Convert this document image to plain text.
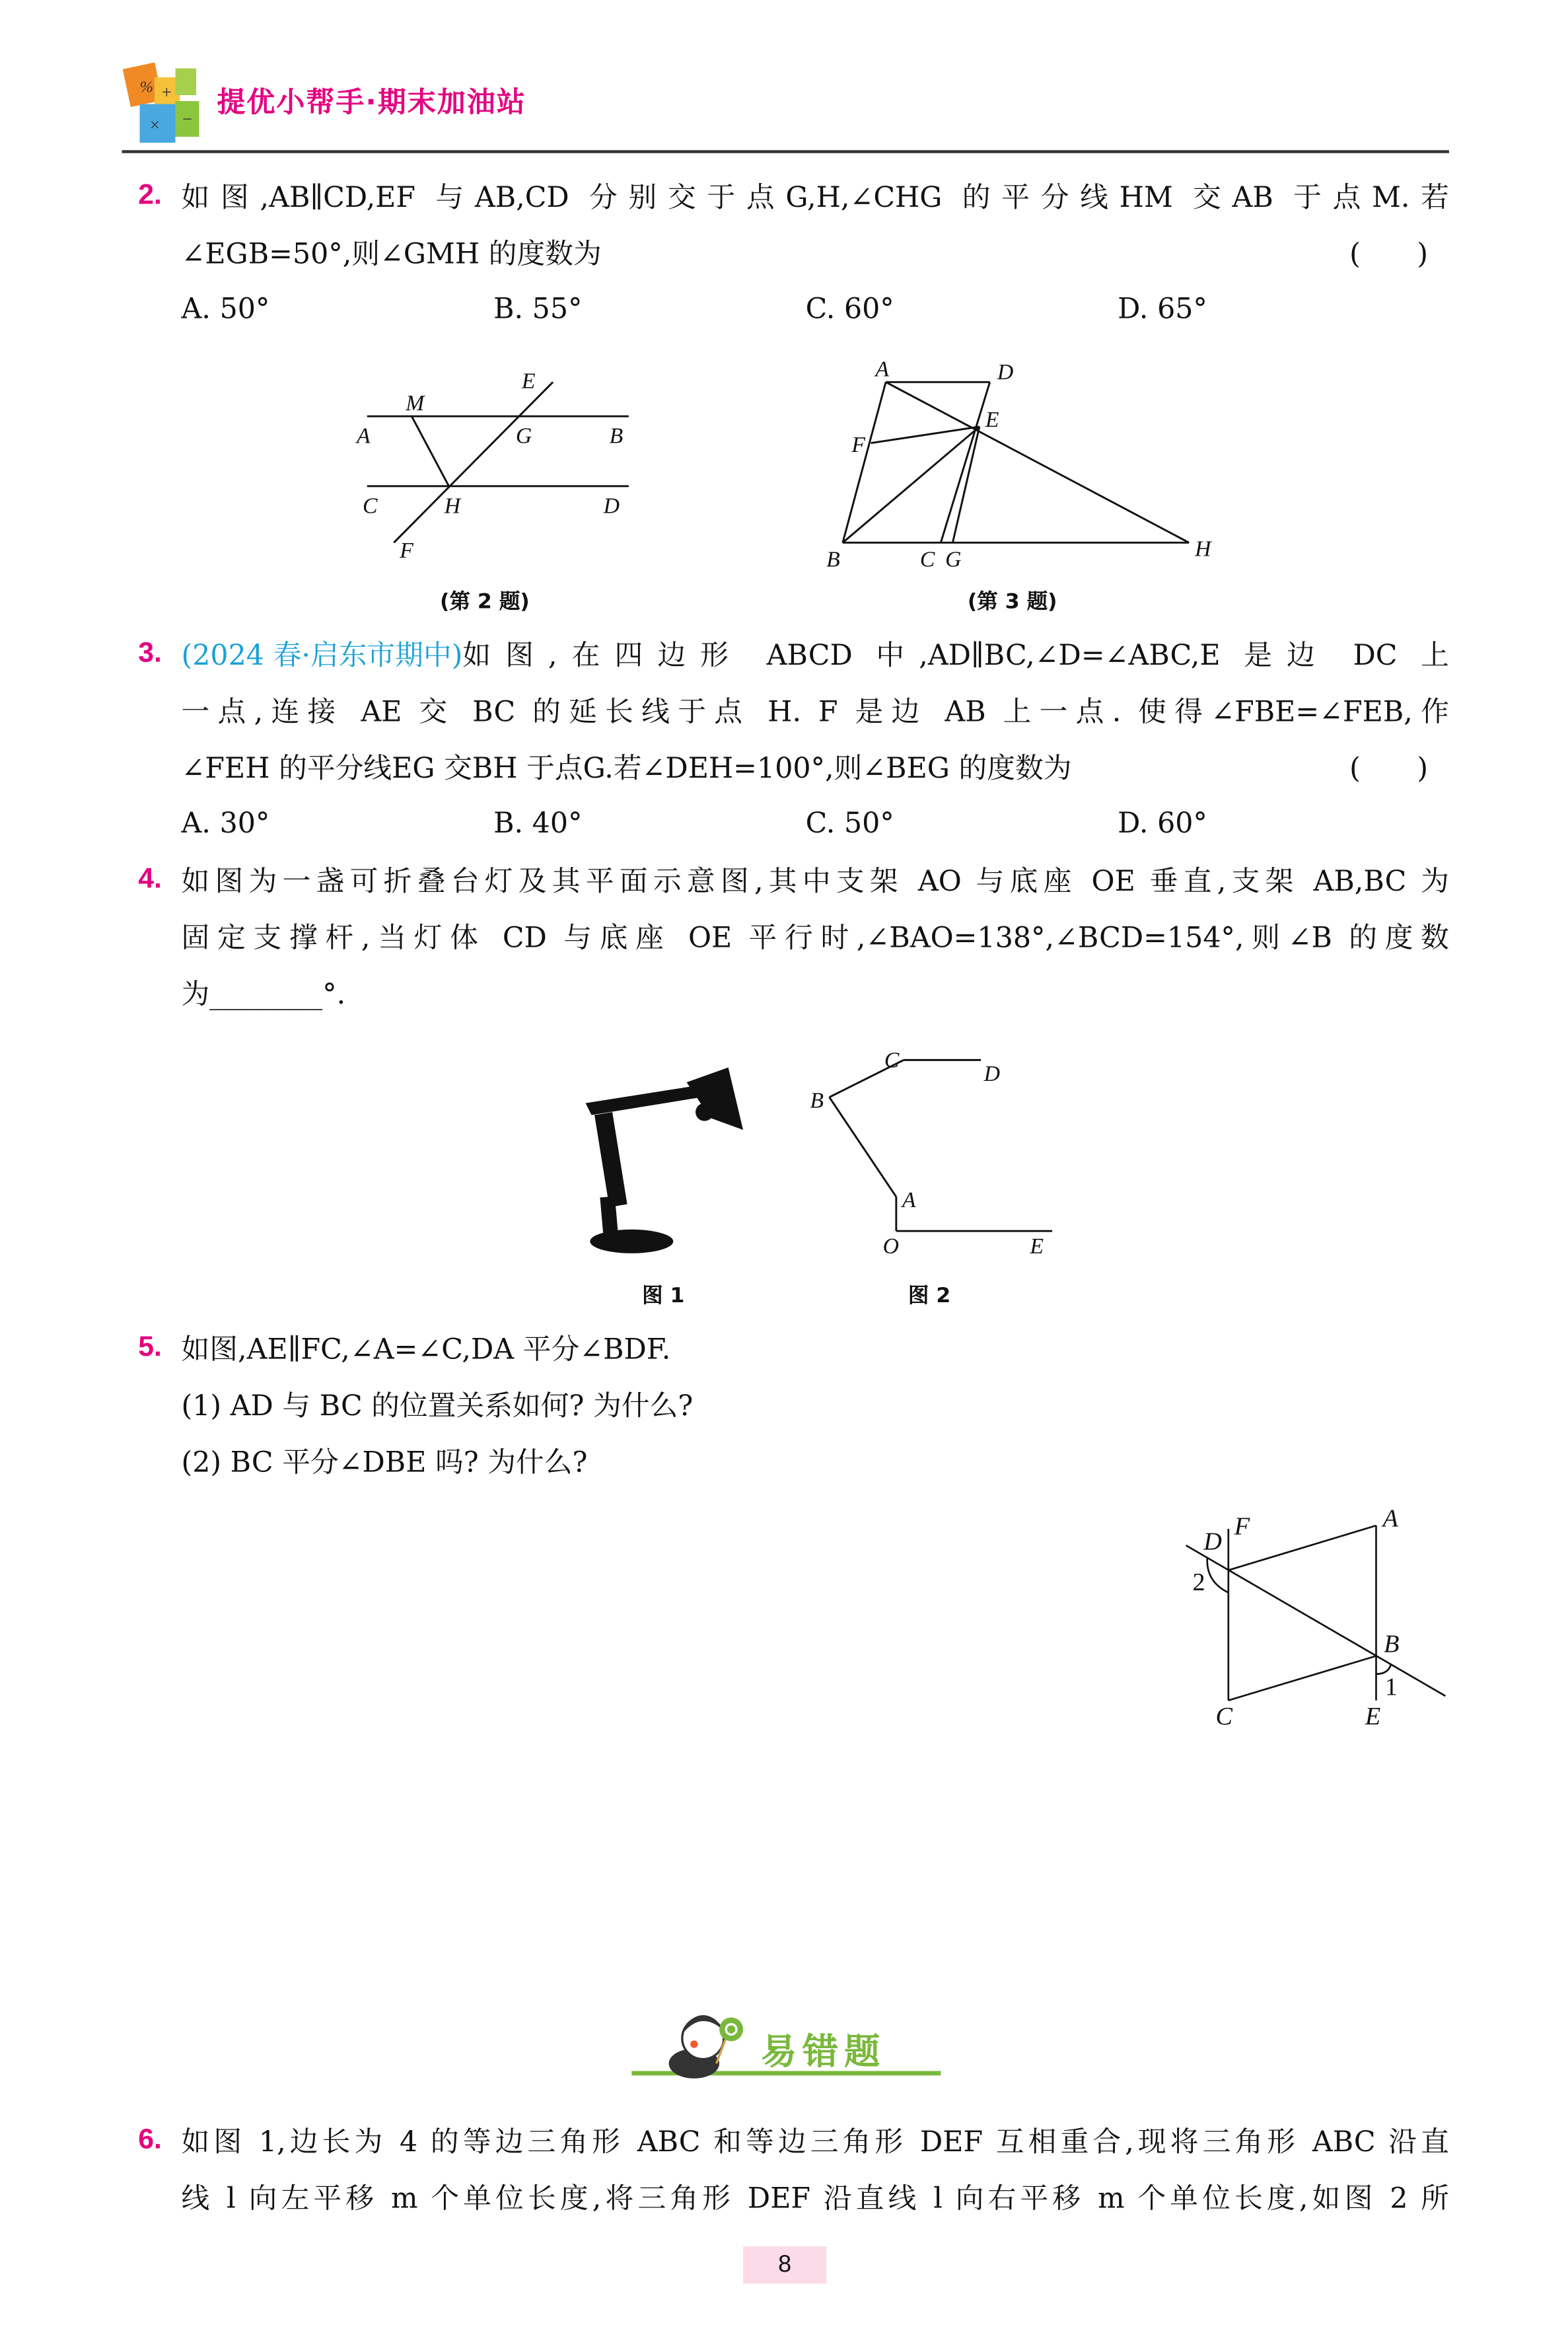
% +
×	−
提优小帮手·期末加油站
2. 如图,AB∥CD,EF 与AB,CD 分别交于点G,H,∠CHG 的平分线HM 交AB 于点M.若
∠EGB=50°,则∠GMH 的度数为	(　　)
A. 50°	B. 55°	C. 60°	D. 65°
E
M
A	G	B
C	H	D
F
A	D
E
F
B	C G	H
(第 2 题)	(第 3 题)
3. (2024 春·启东市期中) 如图,在四边形 ABCD 中,AD∥BC,∠D=∠ABC,E 是边 DC 上
一点,连接 AE 交 BC 的延长线于点 H. F 是边 AB 上一点. 使得∠FBE=∠FEB,作
∠FEH 的平分线EG 交BH 于点G.若∠DEH=100°,则∠BEG 的度数为	(　　)
A. 30°	B. 40°	C. 50°	D. 60°
4. 如图为一盏可折叠台灯及其平面示意图,其中支架 AO 与底座 OE 垂直,支架 AB,BC 为
固定支撑杆,当灯体 CD 与底座 OE 平行时,∠BAO=138°,∠BCD=154°,则∠B 的度数
为________°.
B
C
D
A
O	E
图 1	图 2
5. 如图,AE∥FC,∠A=∠C,DA 平分∠BDF.
(1) AD 与 BC 的位置关系如何? 为什么?
(2) BC 平分∠DBE 吗? 为什么?
F A
D
2
B
1
C E
易错题
6. 如图 1,边长为 4 的等边三角形 ABC 和等边三角形 DEF 互相重合,现将三角形 ABC 沿直
线 l 向左平移 m 个单位长度,将三角形 DEF 沿直线 l 向右平移 m 个单位长度,如图 2 所
8
